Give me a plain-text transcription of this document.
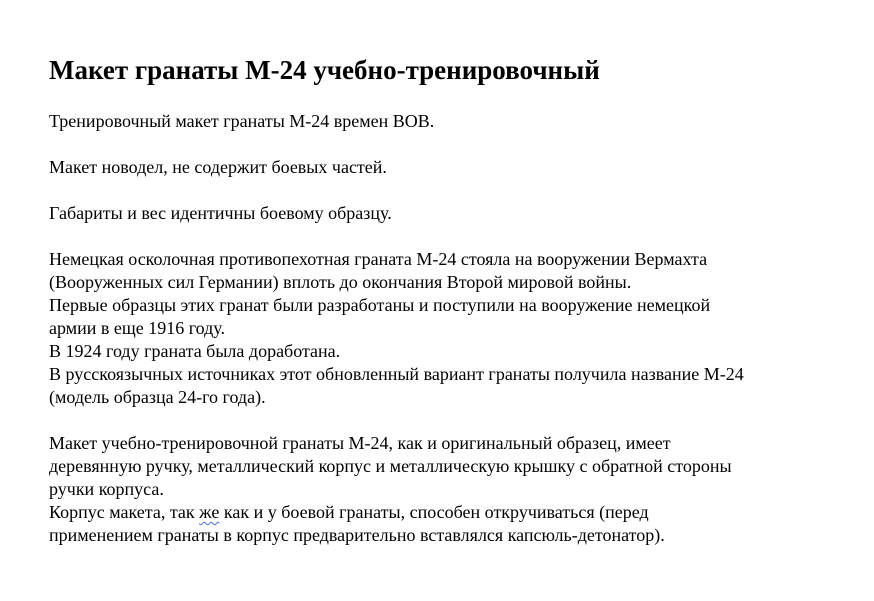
Макет гранаты М-24 учебно-тренировочный

Тренировочный макет гранаты М-24 времен ВОВ.

Макет новодел, не содержит боевых частей.

Габариты и вес идентичны боевому образцу.

Немецкая осколочная противопехотная граната М-24 стояла на вооружении Вермахта
(Вооруженных сил Германии) вплоть до окончания Второй мировой войны.
Первые образцы этих гранат были разработаны и поступили на вооружение немецкой
армии в еще 1916 году.
В 1924 году граната была доработана.
В русскоязычных источниках этот обновленный вариант гранаты получила название М-24
(модель образца 24-го года).

Макет учебно-тренировочной гранаты М-24, как и оригинальный образец, имеет
деревянную ручку, металлический корпус и металлическую крышку с обратной стороны
ручки корпуса.
Корпус макета, так же как и у боевой гранаты, способен откручиваться (перед
применением гранаты в корпус предварительно вставлялся капсюль-детонатор).
